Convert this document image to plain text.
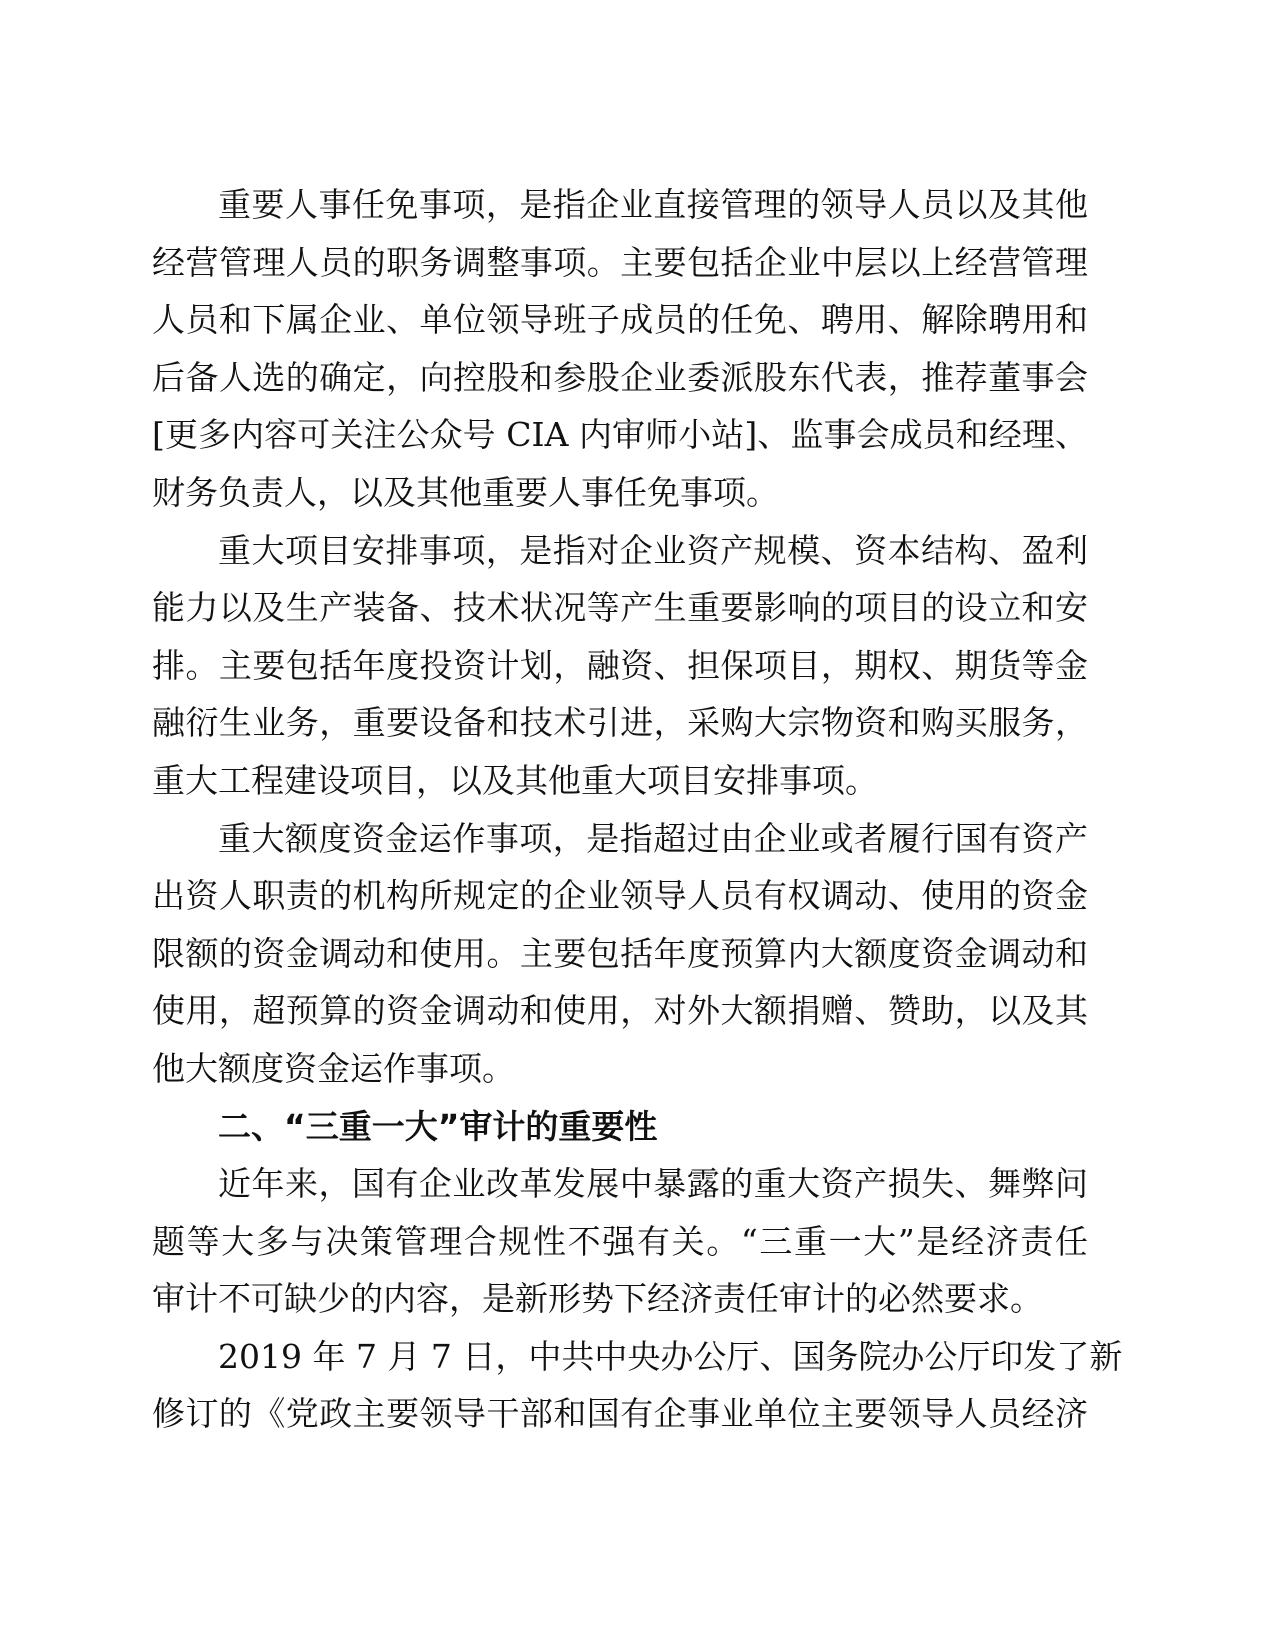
重要人事任免事项，是指企业直接管理的领导人员以及其他
经营管理人员的职务调整事项。主要包括企业中层以上经营管理
人员和下属企业、单位领导班子成员的任免、聘用、解除聘用和
后备人选的确定，向控股和参股企业委派股东代表，推荐董事会
[更多内容可关注公众号 CIA 内审师小站]、监事会成员和经理、
财务负责人，以及其他重要人事任免事项。
重大项目安排事项，是指对企业资产规模、资本结构、盈利
能力以及生产装备、技术状况等产生重要影响的项目的设立和安
排。主要包括年度投资计划，融资、担保项目，期权、期货等金
融衍生业务，重要设备和技术引进，采购大宗物资和购买服务，
重大工程建设项目，以及其他重大项目安排事项。
重大额度资金运作事项，是指超过由企业或者履行国有资产
出资人职责的机构所规定的企业领导人员有权调动、使用的资金
限额的资金调动和使用。主要包括年度预算内大额度资金调动和
使用，超预算的资金调动和使用，对外大额捐赠、赞助，以及其
他大额度资金运作事项。
二、“三重一大”审计的重要性
近年来，国有企业改革发展中暴露的重大资产损失、舞弊问
题等大多与决策管理合规性不强有关。“三重一大”是经济责任
审计不可缺少的内容，是新形势下经济责任审计的必然要求。
2019 年 7 月 7 日，中共中央办公厅、国务院办公厅印发了新
修订的《党政主要领导干部和国有企事业单位主要领导人员经济
